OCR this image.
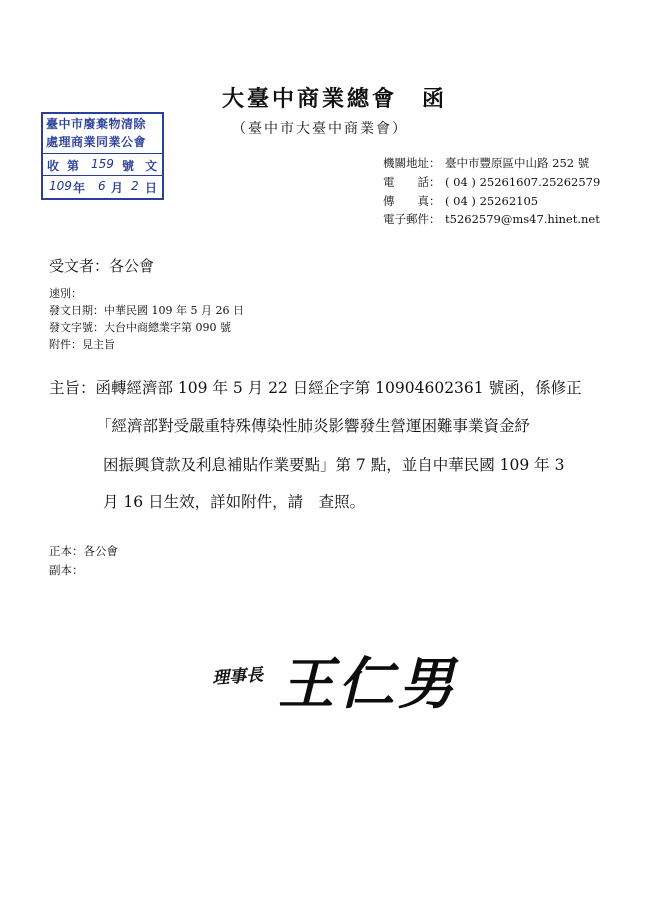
臺中市廢棄物清除
處理商業同業公會
收 第 159 號 文
109 年 6 月 2 日
大臺中商業總會　函
（臺中市大臺中商業會）
機關地址： 臺中市豐原區中山路 252 號
電　　話： ( 04 ) 25261607.25262579
傳　　真： ( 04 ) 25262105
電子郵件： t5262579@ms47.hinet.net
受文者：各公會
速別：
發文日期：中華民國 109 年 5 月 26 日
發文字號：大台中商總業字第 090 號
附件：見主旨
主旨：函轉經濟部 109 年 5 月 22 日經企字第 10904602361 號函，係修正
「經濟部對受嚴重特殊傳染性肺炎影響發生營運困難事業資金紓
困振興貸款及利息補貼作業要點」第 7 點，並自中華民國 109 年 3
月 16 日生效，詳如附件，請　查照。
正本：各公會
副本：
理事長 王仁男
